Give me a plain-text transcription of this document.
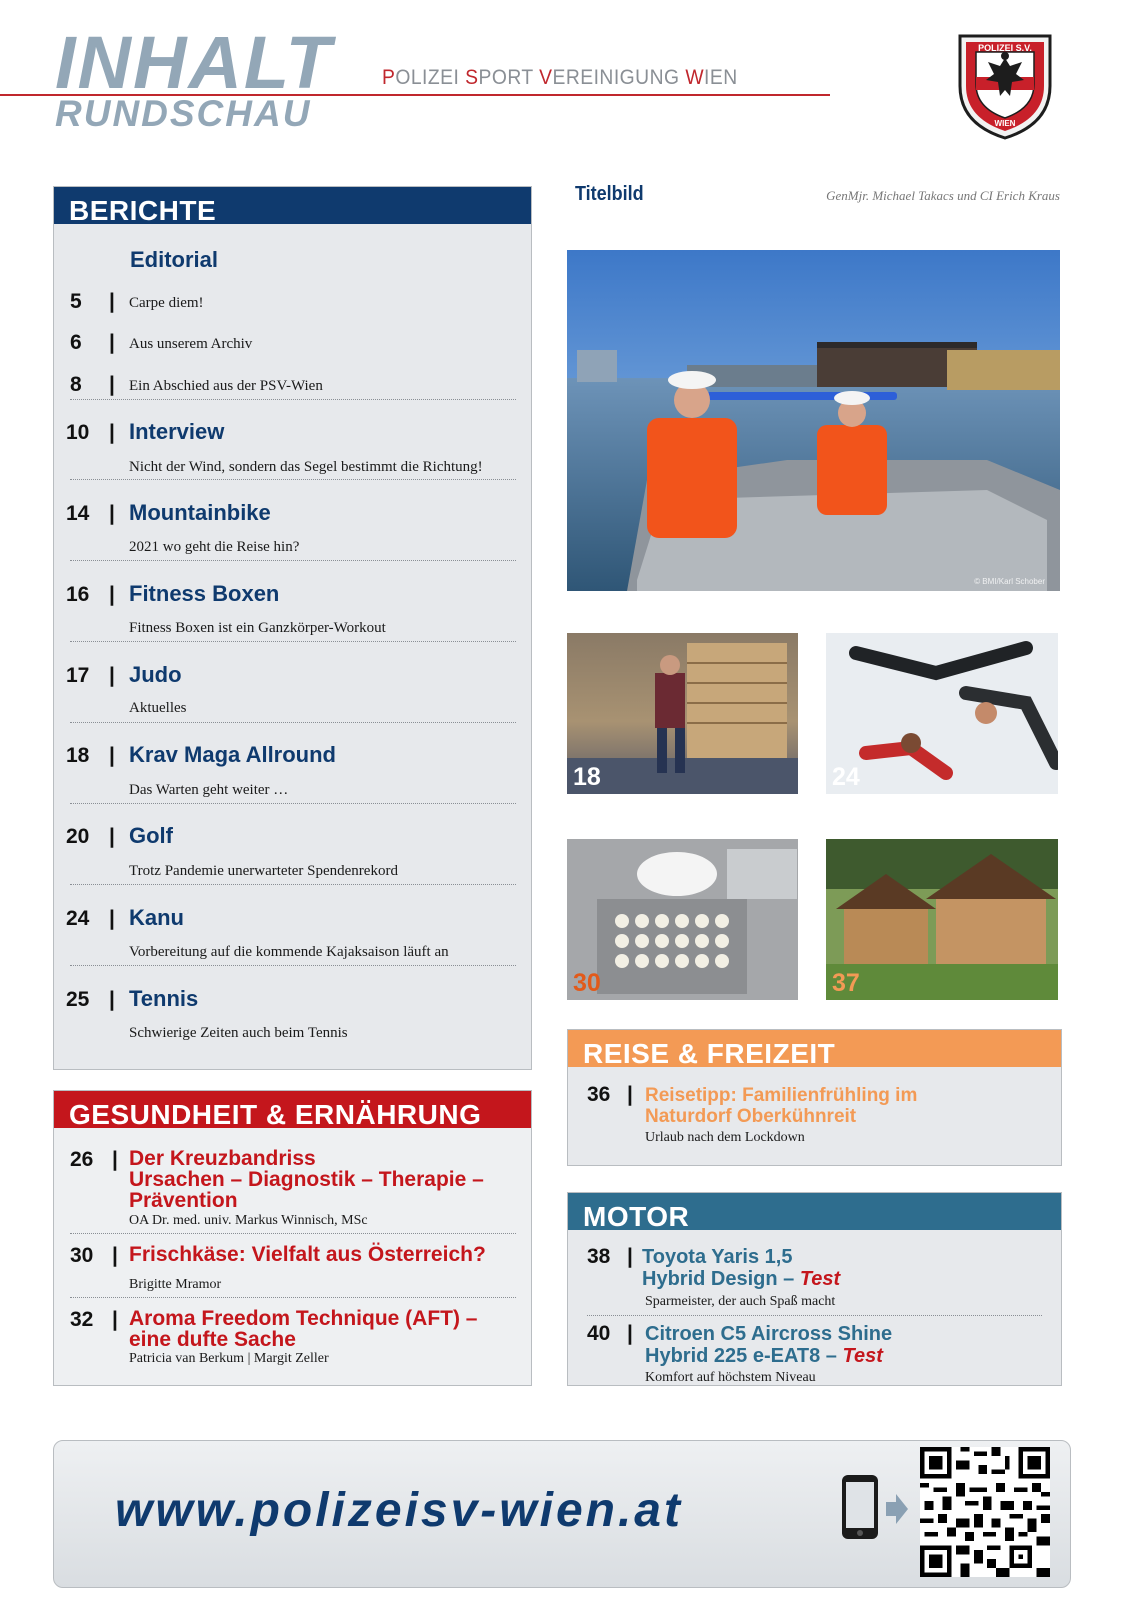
INHALT
RUNDSCHAU
POLIZEI SPORT VEREINIGUNG WIEN
POLIZEI S.V.
WIEN
BERICHTE
Editorial
5 | Carpe diem!
6 | Aus unserem Archiv
8 | Ein Abschied aus der PSV-Wien
10 | Interview
Nicht der Wind, sondern das Segel bestimmt die Richtung!
14 | Mountainbike
2021 wo geht die Reise hin?
16 | Fitness Boxen
Fitness Boxen ist ein Ganzkörper-Workout
17 | Judo
Aktuelles
18 | Krav Maga Allround
Das Warten geht weiter …
20 | Golf
Trotz Pandemie unerwarteter Spendenrekord
24 | Kanu
Vorbereitung auf die kommende Kajaksaison läuft an
25 | Tennis
Schwierige Zeiten auch beim Tennis
GESUNDHEIT & ERNÄHRUNG
26 | Der Kreuzbandriss
Ursachen – Diagnostik – Therapie –
Prävention
OA Dr. med. univ. Markus Winnisch, MSc
30 | Frischkäse: Vielfalt aus Österreich?
Brigitte Mramor
32 | Aroma Freedom Technique (AFT) –
eine dufte Sache
Patricia van Berkum | Margit Zeller
Titelbild	GenMjr. Michael Takacs und CI Erich Kraus
© BMI/Karl Schober
18	24
30	37
REISE & FREIZEIT
36 | Reisetipp: Familienfrühling im
Naturdorf Oberkühnreit
Urlaub nach dem Lockdown
MOTOR
38 | Toyota Yaris 1,5
Hybrid Design – Test
Sparmeister, der auch Spaß macht
40 | Citroen C5 Aircross Shine
Hybrid 225 e-EAT8 – Test
Komfort auf höchstem Niveau
www.polizeisv-wien.at
